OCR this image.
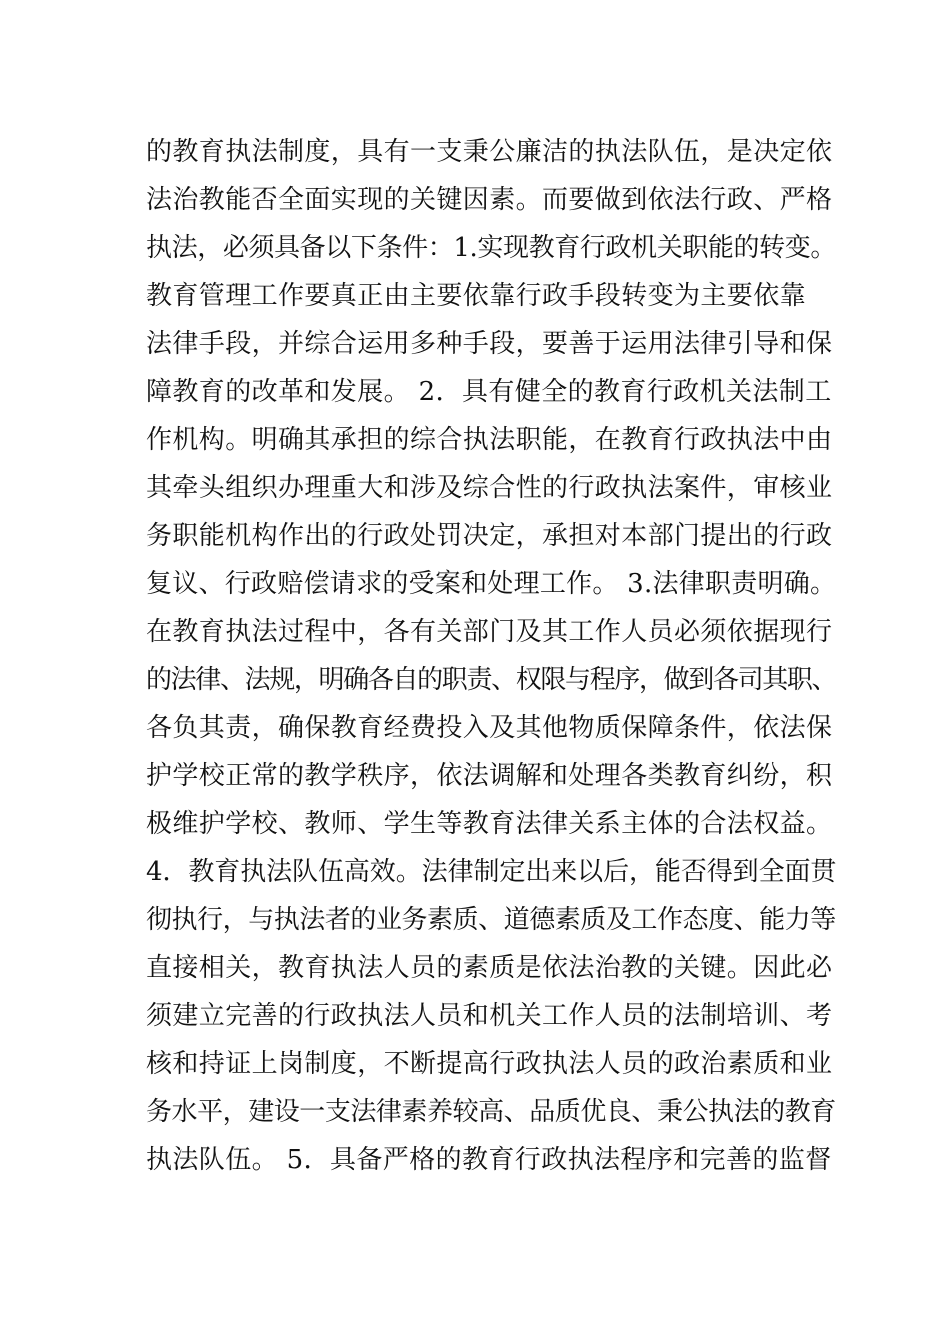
的教育执法制度，具有一支秉公廉洁的执法队伍，是决定依
法治教能否全面实现的关键因素。而要做到依法行政、严格
执法，必须具备以下条件：1.实现教育行政机关职能的转变。
教育管理工作要真正由主要依靠行政手段转变为主要依靠
法律手段，并综合运用多种手段，要善于运用法律引导和保
障教育的改革和发展。 2．具有健全的教育行政机关法制工
作机构。明确其承担的综合执法职能，在教育行政执法中由
其牵头组织办理重大和涉及综合性的行政执法案件，审核业
务职能机构作出的行政处罚决定，承担对本部门提出的行政
复议、行政赔偿请求的受案和处理工作。 3.法律职责明确。
在教育执法过程中，各有关部门及其工作人员必须依据现行
的法律、法规，明确各自的职责、权限与程序，做到各司其职、
各负其责，确保教育经费投入及其他物质保障条件，依法保
护学校正常的教学秩序，依法调解和处理各类教育纠纷，积
极维护学校、教师、学生等教育法律关系主体的合法权益。
4．教育执法队伍高效。法律制定出来以后，能否得到全面贯
彻执行，与执法者的业务素质、道德素质及工作态度、能力等
直接相关，教育执法人员的素质是依法治教的关键。因此必
须建立完善的行政执法人员和机关工作人员的法制培训、考
核和持证上岗制度，不断提高行政执法人员的政治素质和业
务水平，建设一支法律素养较高、品质优良、秉公执法的教育
执法队伍。 5．具备严格的教育行政执法程序和完善的监督
